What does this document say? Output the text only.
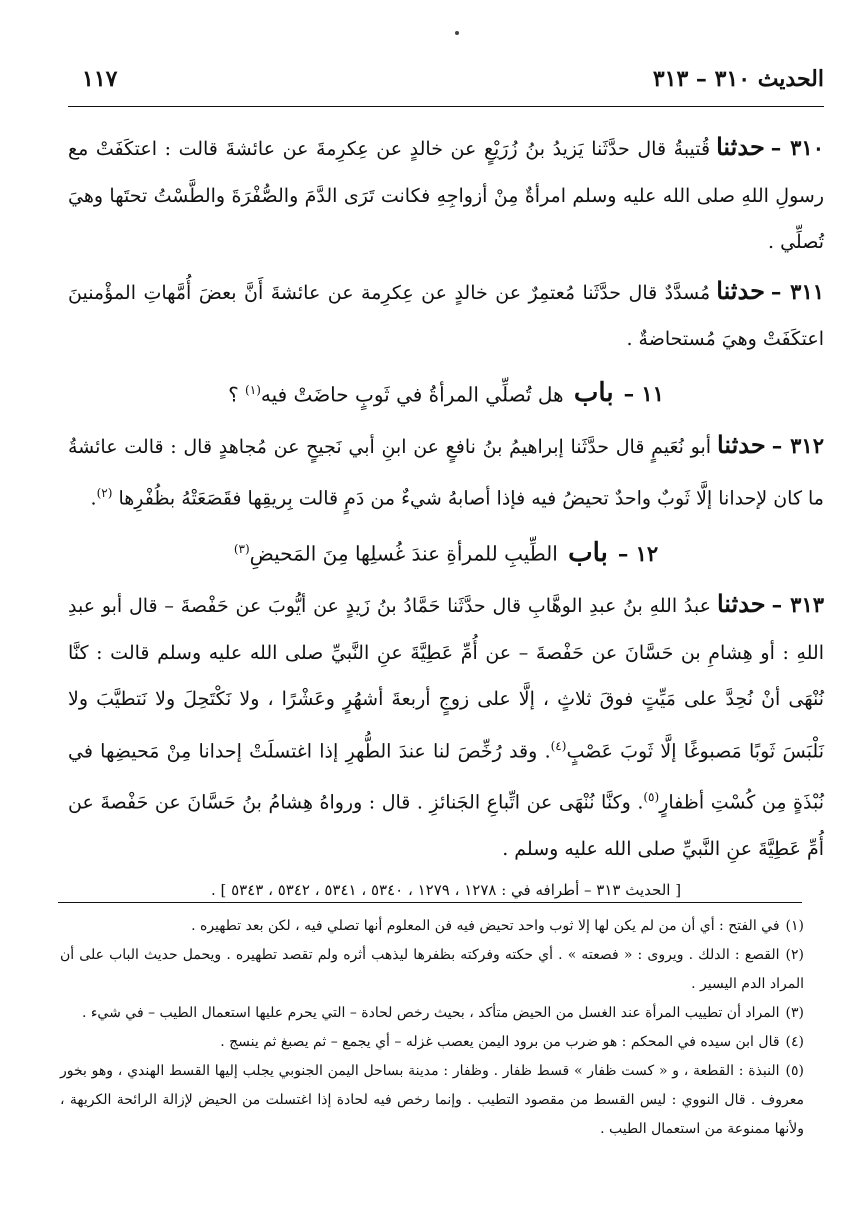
١١٧	الحديث ٣١٠ – ٣١٣

٣١٠ –حدثناقُتيبةُ قال حدَّثَنا يَزيدُ بنُ زُرَيْعٍ عن خالدٍ عن عِكرِمةَ عن عائشةَ قالت : اعتكَفَتْ مع رسولِ اللهِ صلى الله عليه وسلم امرأةٌ مِنْ أزواجِهِ فكانت تَرَى الدَّمَ والصُّفْرَةَ والطَّسْتُ تحتَها وهيَ تُصلِّي .

٣١١ –حدثنامُسدَّدٌ قال حدَّثَنا مُعتمِرٌ عن خالدٍ عن عِكرِمة عن عائشةَ أَنَّ بعضَ أُمَّهاتِ المؤْمنينَ اعتكَفَتْ وهيَ مُستحاضةٌ .

١١ –باب هل تُصلِّي المرأةُ في ثَوبٍ حاضَتْ فيه$^{(١)}$ ؟

٣١٢ –حدثناأبو نُعَيمٍ قال حدَّثَنا إبراهيمُ بنُ نافعٍ عن ابنِ أبي نَجيحٍ عن مُجاهدٍ قال : قالت عائشةُ ما كان لإحدانا إلَّا ثَوبٌ واحدٌ تحيضُ فيه فإذا أصابهُ شيءٌ من دَمٍ قالت بِريقِها فقَصَعَتْهُ بظُفْرِها $^{(٢)}$.

١٢ –باب الطِّيبِ للمرأةِ عندَ غُسلِها مِنَ المَحيضِ$^{(٣)}$

٣١٣ –حدثناعبدُ اللهِ بنُ عبدِ الوهَّابِ قال حدَّثَنا حَمَّادُ بنُ زَيدٍ عن أيُّوبَ عن حَفْصةَ – قال أبو عبدِ اللهِ : أو هِشامِ بن حَسَّانَ عن حَفْصةَ – عن أُمِّ عَطِيَّةَ عنِ النَّبيِّ صلى الله عليه وسلم قالت : كنَّا نُنْهَى أنْ نُحِدَّ على مَيِّتٍ فوقَ ثلاثٍ ، إلَّا على زوجٍ أربعةَ أشهُرٍ وعَشْرًا ، ولا نَكْتَحِلَ ولا نَتطيَّبَ ولا نَلْبَسَ ثَوبًا مَصبوغًا إلَّا ثَوبَ عَصْبٍ$^{(٤)}$. وقد رُخِّصَ لنا عندَ الطُّهرِ إذا اغتسلَتْ إحدانا مِنْ مَحيضِها في نُبْذَةٍ مِن كُسْتِ أظفارٍ$^{(٥)}$. وكنَّا نُنْهَى عن اتِّباعِ الجَنائزِ . قال : ورواهُ هِشامُ بنُ حَسَّانَ عن حَفْصةَ عن أُمِّ عَطِيَّةَ عنِ النَّبيِّ صلى الله عليه وسلم .

[ الحديث ٣١٣ – أطرافه في : ١٢٧٨ ، ١٢٧٩ ، ٥٣٤٠ ، ٥٣٤١ ، ٥٣٤٢ ، ٥٣٤٣ ] .

(١)في الفتح : أي أن من لم يكن لها إلا ثوب واحد تحيض فيه فن المعلوم أنها تصلي فيه ، لكن بعد تطهيره .

(٢)القصع : الدلك . ويروى : « فصعته » . أي حكته وفركته بظفرها ليذهب أثره ولم تقصد تطهيره . ويحمل حديث الباب على أن المراد الدم اليسير .

(٣)المراد أن تطييب المرأة عند الغسل من الحيض متأكد ، بحيث رخص لحادة – التي يحرم عليها استعمال الطيب – في شيء .

(٤)قال ابن سيده في المحكم : هو ضرب من برود اليمن يعصب غزله – أي يجمع – ثم يصبغ ثم ينسج .

(٥)النبذة : القطعة ، و « كست ظفار » قسط ظفار . وظفار : مدينة بساحل اليمن الجنوبي يجلب إليها القسط الهندي ، وهو بخور معروف . قال النووي : ليس القسط من مقصود التطيب . وإنما رخص فيه لحادة إذا اغتسلت من الحيض لإزالة الرائحة الكريهة ، ولأنها ممنوعة من استعمال الطيب .
